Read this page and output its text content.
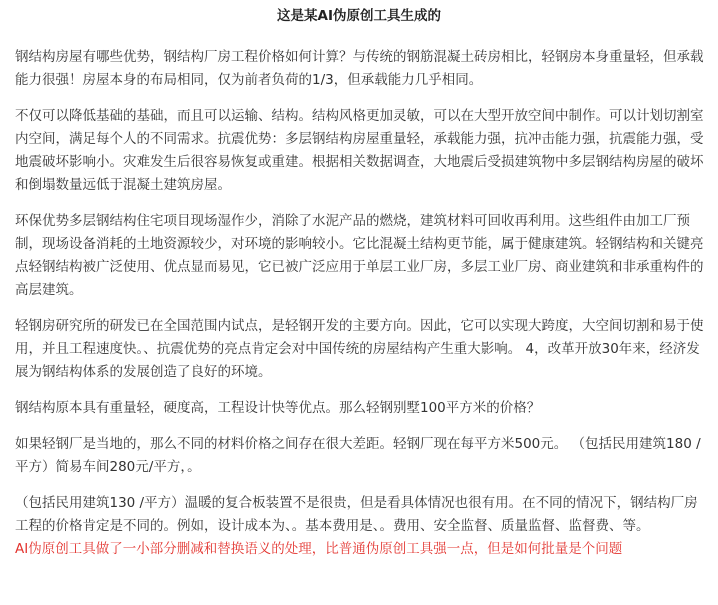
这是某AI伪原创工具生成的

钢结构房屋有哪些优势，钢结构厂房工程价格如何计算？与传统的钢筋混凝土砖房相比，轻钢房本身重量轻，但承载能力很强！房屋本身的布局相同，仅为前者负荷的1/3，但承载能力几乎相同。

不仅可以降低基础的基础，而且可以运输、结构。结构风格更加灵敏，可以在大型开放空间中制作。可以计划切割室内空间，满足每个人的不同需求。抗震优势：多层钢结构房屋重量轻，承载能力强，抗冲击能力强，抗震能力强，受地震破坏影响小。灾难发生后很容易恢复或重建。根据相关数据调查，大地震后受损建筑物中多层钢结构房屋的破坏和倒塌数量远低于混凝土建筑房屋。

环保优势多层钢结构住宅项目现场湿作少，消除了水泥产品的燃烧，建筑材料可回收再利用。这些组件由加工厂预制，现场设备消耗的土地资源较少，对环境的影响较小。它比混凝土结构更节能，属于健康建筑。轻钢结构和关键亮点轻钢结构被广泛使用、优点显而易见，它已被广泛应用于单层工业厂房，多层工业厂房、商业建筑和非承重构件的高层建筑。

轻钢房研究所的研发已在全国范围内试点，是轻钢开发的主要方向。因此，它可以实现大跨度，大空间切割和易于使用，并且工程速度快。、抗震优势的亮点肯定会对中国传统的房屋结构产生重大影响。 4，改革开放30年来，经济发展为钢结构体系的发展创造了良好的环境。

钢结构原本具有重量轻，硬度高，工程设计快等优点。那么轻钢别墅100平方米的价格？

如果轻钢厂是当地的，那么不同的材料价格之间存在很大差距。轻钢厂现在每平方米500元。 （包括民用建筑180 /平方）简易车间280元/平方，。

（包括民用建筑130 /平方）温暖的复合板装置不是很贵，但是看具体情况也很有用。在不同的情况下，钢结构厂房工程的价格肯定是不同的。例如，设计成本为、。基本费用是、。费用、安全监督、质量监督、监督费、等。

AI伪原创工具做了一小部分删减和替换语义的处理，比普通伪原创工具强一点，但是如何批量是个问题
